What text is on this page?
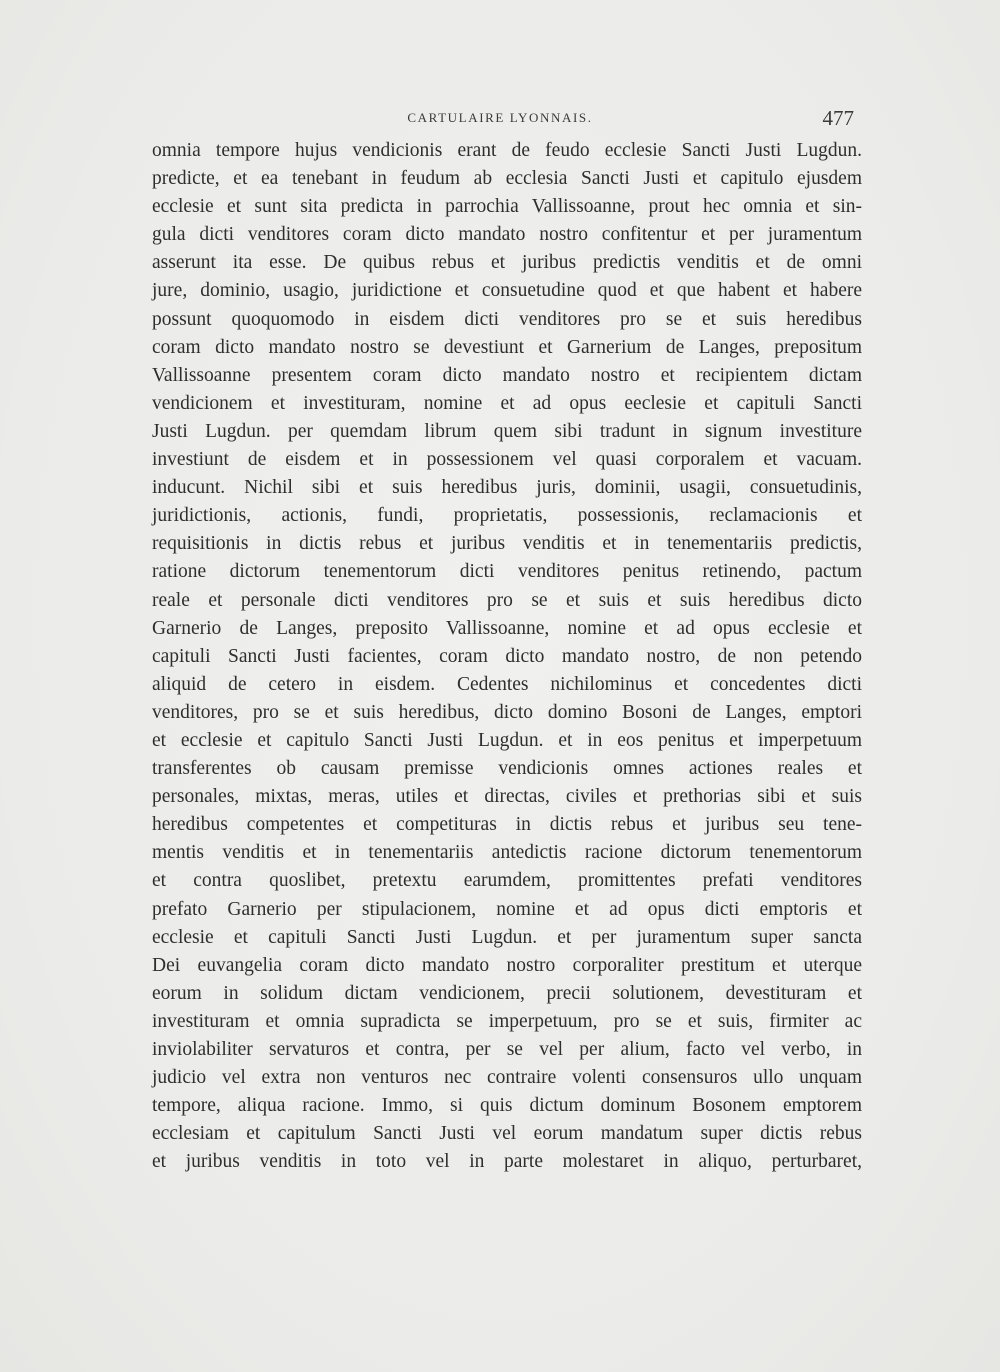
CARTULAIRE LYONNAIS.	477
omnia tempore hujus vendicionis erant de feudo ecclesie Sancti Justi Lugdun.
predicte, et ea tenebant in feudum ab ecclesia Sancti Justi et capitulo ejusdem
ecclesie et sunt sita predicta in parrochia Vallissoanne, prout hec omnia et sin-
gula dicti venditores coram dicto mandato nostro confitentur et per juramentum
asserunt ita esse. De quibus rebus et juribus predictis venditis et de omni
jure, dominio, usagio, juridictione et consuetudine quod et que habent et habere
possunt quoquomodo in eisdem dicti venditores pro se et suis heredibus
coram dicto mandato nostro se devestiunt et Garnerium de Langes, prepositum
Vallissoanne presentem coram dicto mandato nostro et recipientem dictam
vendicionem et investituram, nomine et ad opus eeclesie et capituli Sancti
Justi Lugdun. per quemdam librum quem sibi tradunt in signum investiture
investiunt de eisdem et in possessionem vel quasi corporalem et vacuam.
inducunt. Nichil sibi et suis heredibus juris, dominii, usagii, consuetudinis,
juridictionis, actionis, fundi, proprietatis, possessionis, reclamacionis et
requisitionis in dictis rebus et juribus venditis et in tenementariis predictis,
ratione dictorum tenementorum dicti venditores penitus retinendo, pactum
reale et personale dicti venditores pro se et suis et suis heredibus dicto
Garnerio de Langes, preposito Vallissoanne, nomine et ad opus ecclesie et
capituli Sancti Justi facientes, coram dicto mandato nostro, de non petendo
aliquid de cetero in eisdem. Cedentes nichilominus et concedentes dicti
venditores, pro se et suis heredibus, dicto domino Bosoni de Langes, emptori
et ecclesie et capitulo Sancti Justi Lugdun. et in eos penitus et imperpetuum
transferentes ob causam premisse vendicionis omnes actiones reales et
personales, mixtas, meras, utiles et directas, civiles et prethorias sibi et suis
heredibus competentes et competituras in dictis rebus et juribus seu tene-
mentis venditis et in tenementariis antedictis racione dictorum tenementorum
et contra quoslibet, pretextu earumdem, promittentes prefati venditores
prefato Garnerio per stipulacionem, nomine et ad opus dicti emptoris et
ecclesie et capituli Sancti Justi Lugdun. et per juramentum super sancta
Dei euvangelia coram dicto mandato nostro corporaliter prestitum et uterque
eorum in solidum dictam vendicionem, precii solutionem, devestituram et
investituram et omnia supradicta se imperpetuum, pro se et suis, firmiter ac
inviolabiliter servaturos et contra, per se vel per alium, facto vel verbo, in
judicio vel extra non venturos nec contraire volenti consensuros ullo unquam
tempore, aliqua racione. Immo, si quis dictum dominum Bosonem emptorem
ecclesiam et capitulum Sancti Justi vel eorum mandatum super dictis rebus
et juribus venditis in toto vel in parte molestaret in aliquo, perturbaret,
